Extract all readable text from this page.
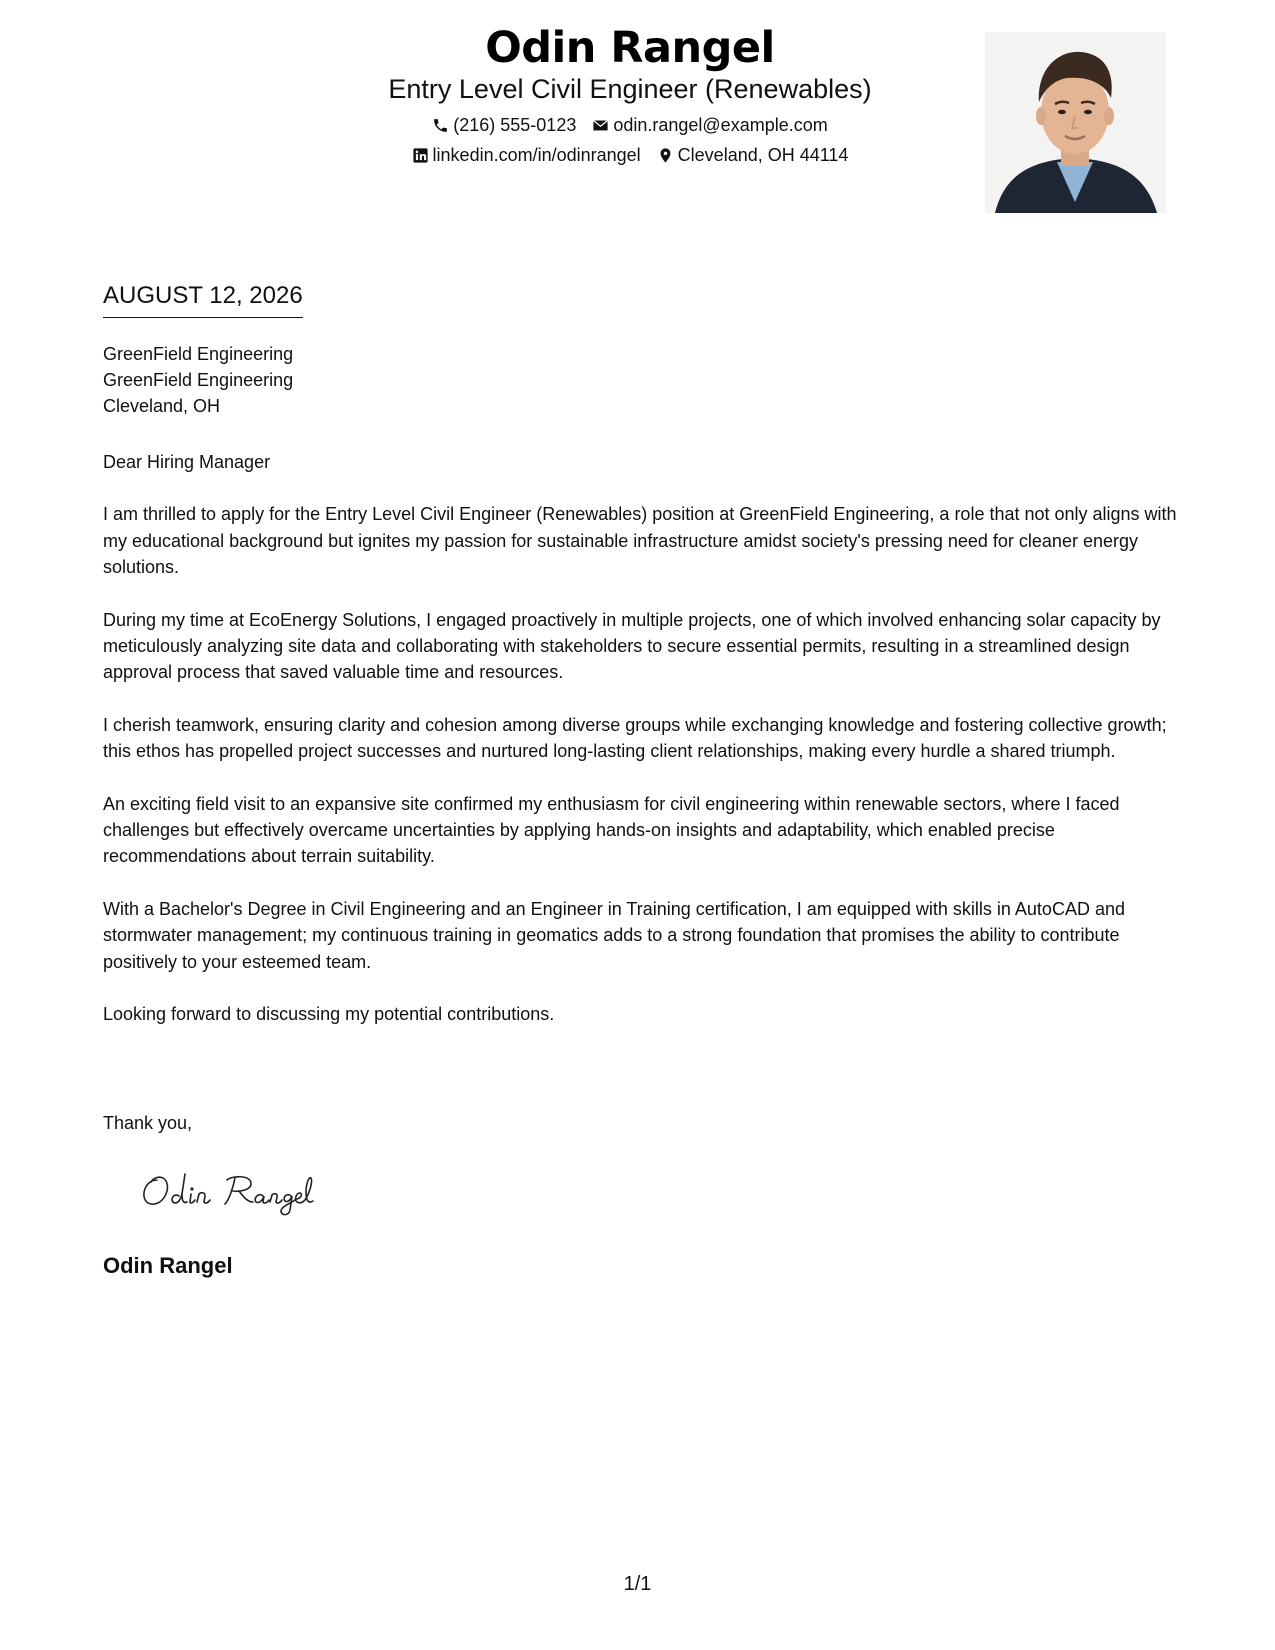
Odin Rangel
Entry Level Civil Engineer (Renewables)
(216) 555-0123 odin.rangel@example.com
linkedin.com/in/odinrangel Cleveland, OH 44114
AUGUST 12, 2026
GreenField Engineering
GreenField Engineering
Cleveland, OH

Dear Hiring Manager

I am thrilled to apply for the Entry Level Civil Engineer (Renewables) position at GreenField Engineering, a role that not only aligns with my educational background but ignites my passion for sustainable infrastructure amidst society's pressing need for cleaner energy solutions.

During my time at EcoEnergy Solutions, I engaged proactively in multiple projects, one of which involved enhancing solar capacity by meticulously analyzing site data and collaborating with stakeholders to secure essential permits, resulting in a streamlined design approval process that saved valuable time and resources.

I cherish teamwork, ensuring clarity and cohesion among diverse groups while exchanging knowledge and fostering collective growth; this ethos has propelled project successes and nurtured long-lasting client relationships, making every hurdle a shared triumph.

An exciting field visit to an expansive site confirmed my enthusiasm for civil engineering within renewable sectors, where I faced challenges but effectively overcame uncertainties by applying hands-on insights and adaptability, which enabled precise recommendations about terrain suitability.

With a Bachelor's Degree in Civil Engineering and an Engineer in Training certification, I am equipped with skills in AutoCAD and stormwater management; my continuous training in geomatics adds to a strong foundation that promises the ability to contribute positively to your esteemed team.

Looking forward to discussing my potential contributions.

Thank you,
Odin Rangel
1/1
